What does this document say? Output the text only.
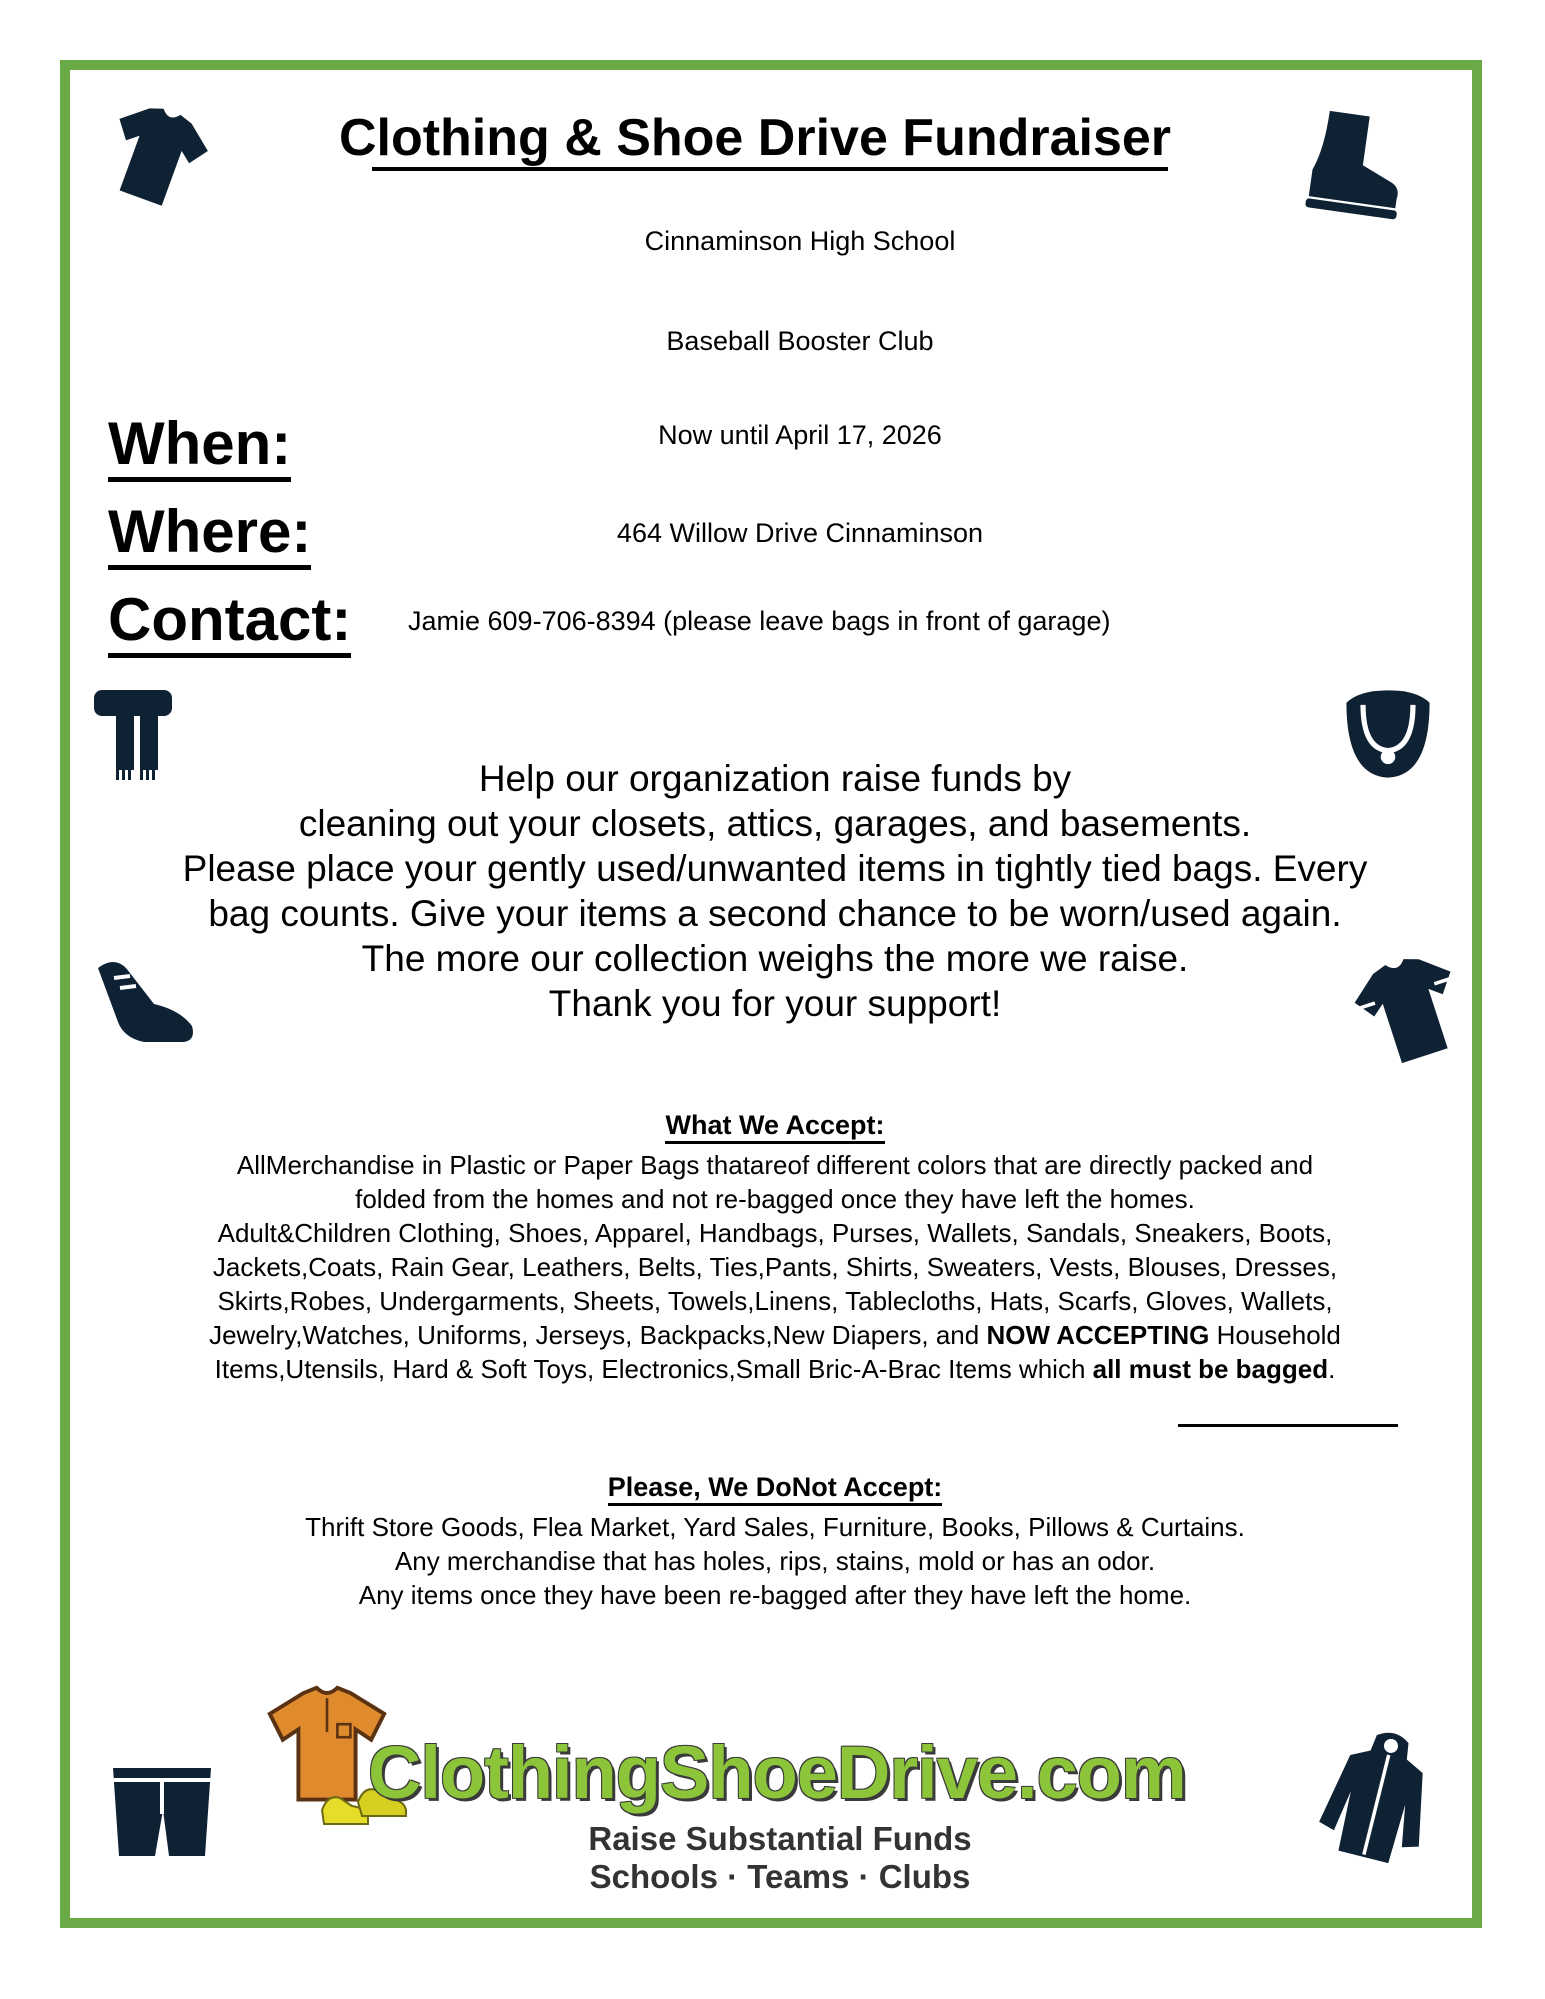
Clothing & Shoe Drive Fundraiser
Cinnaminson High School
Baseball Booster Club
When:	Now until April 17, 2026
Where:	464 Willow Drive Cinnaminson
Contact: Jamie 609-706-8394 (please leave bags in front of garage)
Help our organization raise funds by
cleaning out your closets, attics, garages, and basements.
Please place your gently used/unwanted items in tightly tied bags. Every
bag counts. Give your items a second chance to be worn/used again.
The more our collection weighs the more we raise.
Thank you for your support!
What We Accept:
AllMerchandise in Plastic or Paper Bags thatareof different colors that are directly packed and
folded from the homes and not re-bagged once they have left the homes.
Adult&Children Clothing, Shoes, Apparel, Handbags, Purses, Wallets, Sandals, Sneakers, Boots,
Jackets,Coats, Rain Gear, Leathers, Belts, Ties,Pants, Shirts, Sweaters, Vests, Blouses, Dresses,
Skirts,Robes, Undergarments, Sheets, Towels,Linens, Tablecloths, Hats, Scarfs, Gloves, Wallets,
Jewelry,Watches, Uniforms, Jerseys, Backpacks,New Diapers, and NOW ACCEPTING Household
Items,Utensils, Hard & Soft Toys, Electronics,Small Bric-A-Brac Items which all must be bagged.
Please, We DoNot Accept:
Thrift Store Goods, Flea Market, Yard Sales, Furniture, Books, Pillows & Curtains.
Any merchandise that has holes, rips, stains, mold or has an odor.
Any items once they have been re-bagged after they have left the home.
ClothingShoeDrive.com
Raise Substantial Funds
Schools · Teams · Clubs
